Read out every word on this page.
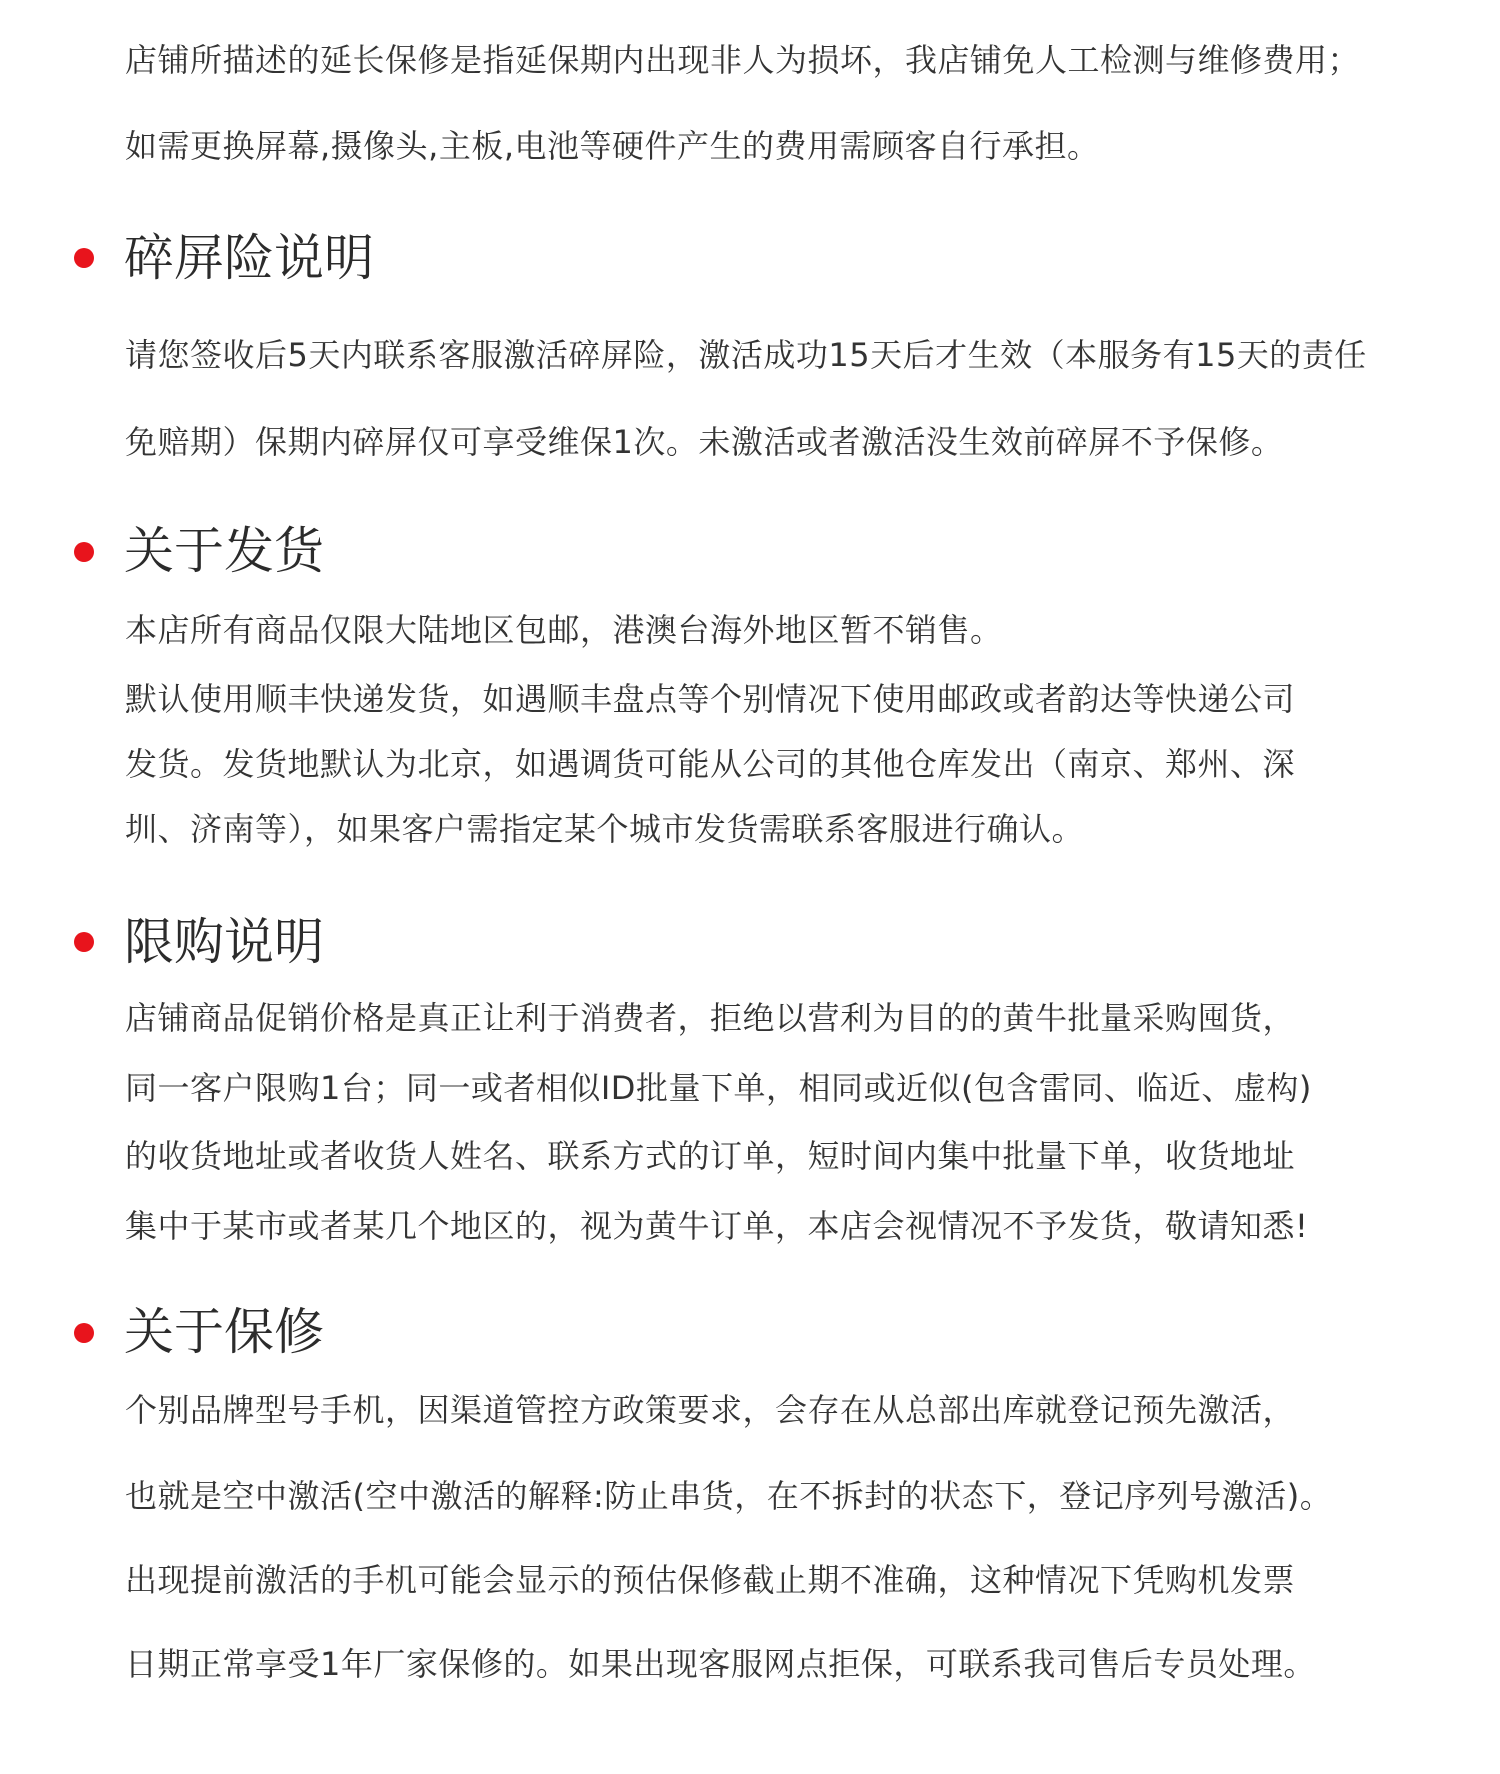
店铺所描述的延长保修是指延保期内出现非人为损坏，我店铺免人工检测与维修费用；
如需更换屏幕,摄像头,主板,电池等硬件产生的费用需顾客自行承担。
碎屏险说明
请您签收后5天内联系客服激活碎屏险，激活成功15天后才生效（本服务有15天的责任
免赔期）保期内碎屏仅可享受维保1次。未激活或者激活没生效前碎屏不予保修。
关于发货
本店所有商品仅限大陆地区包邮，港澳台海外地区暂不销售。
默认使用顺丰快递发货，如遇顺丰盘点等个别情况下使用邮政或者韵达等快递公司
发货。发货地默认为北京，如遇调货可能从公司的其他仓库发出（南京、郑州、深
圳、济南等），如果客户需指定某个城市发货需联系客服进行确认。
限购说明
店铺商品促销价格是真正让利于消费者，拒绝以营利为目的的黄牛批量采购囤货，
同一客户限购1台；同一或者相似ID批量下单，相同或近似(包含雷同、临近、虚构)
的收货地址或者收货人姓名、联系方式的订单，短时间内集中批量下单，收货地址
集中于某市或者某几个地区的，视为黄牛订单，本店会视情况不予发货，敬请知悉!
关于保修
个别品牌型号手机，因渠道管控方政策要求，会存在从总部出库就登记预先激活，
也就是空中激活(空中激活的解释:防止串货，在不拆封的状态下，登记序列号激活)。
出现提前激活的手机可能会显示的预估保修截止期不准确，这种情况下凭购机发票
日期正常享受1年厂家保修的。如果出现客服网点拒保，可联系我司售后专员处理。
